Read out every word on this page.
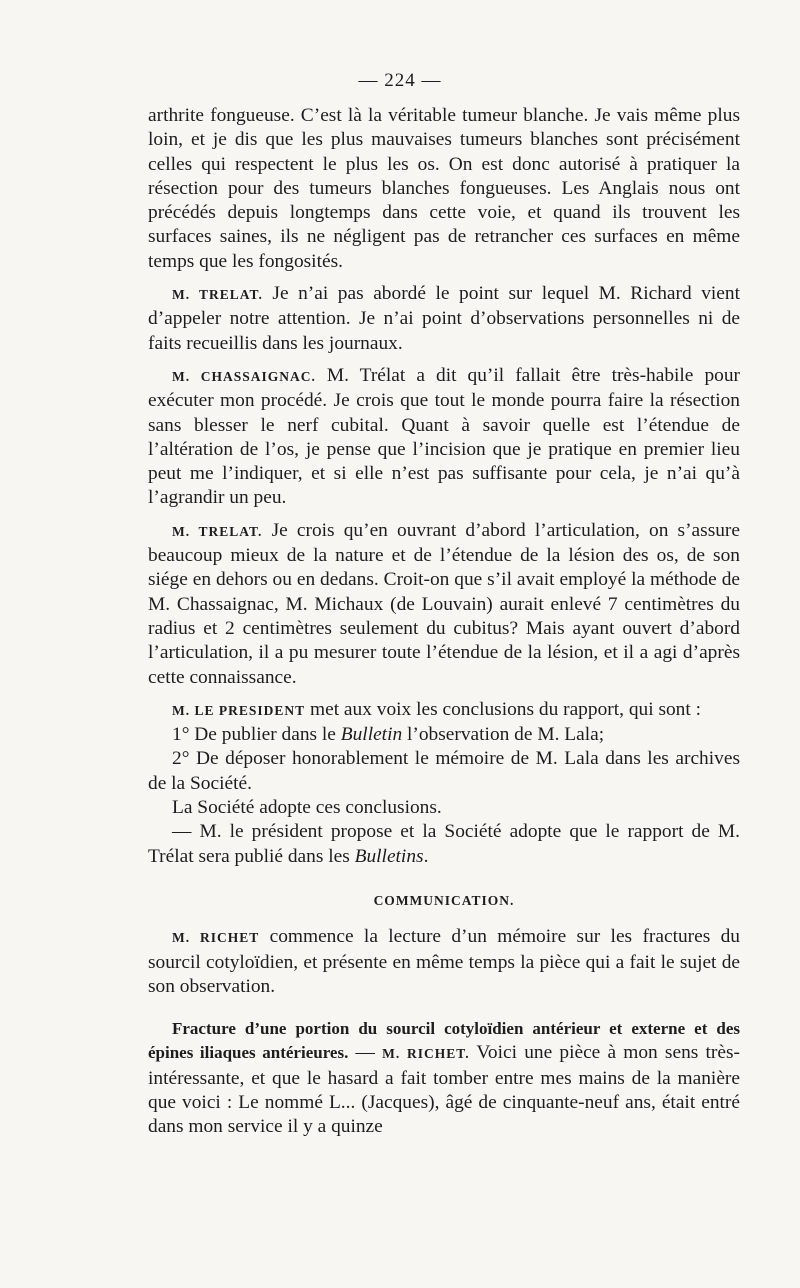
— 224 —

arthrite fongueuse. C’est là la véritable tumeur blanche. Je vais même plus loin, et je dis que les plus mauvaises tumeurs blanches sont précisément celles qui respectent le plus les os. On est donc autorisé à pratiquer la résection pour des tumeurs blanches fongueuses. Les Anglais nous ont précédés depuis longtemps dans cette voie, et quand ils trouvent les surfaces saines, ils ne négligent pas de retrancher ces surfaces en même temps que les fongosités.

M. TRELAT. Je n’ai pas abordé le point sur lequel M. Richard vient d’appeler notre attention. Je n’ai point d’observations personnelles ni de faits recueillis dans les journaux.

M. CHASSAIGNAC. M. Trélat a dit qu’il fallait être très-habile pour exécuter mon procédé. Je crois que tout le monde pourra faire la résection sans blesser le nerf cubital. Quant à savoir quelle est l’étendue de l’altération de l’os, je pense que l’incision que je pratique en premier lieu peut me l’indiquer, et si elle n’est pas suffisante pour cela, je n’ai qu’à l’agrandir un peu.

M. TRELAT. Je crois qu’en ouvrant d’abord l’articulation, on s’assure beaucoup mieux de la nature et de l’étendue de la lésion des os, de son siége en dehors ou en dedans. Croit-on que s’il avait employé la méthode de M. Chassaignac, M. Michaux (de Louvain) aurait enlevé 7 centimètres du radius et 2 centimètres seulement du cubitus? Mais ayant ouvert d’abord l’articulation, il a pu mesurer toute l’étendue de la lésion, et il a agi d’après cette connaissance.

M. LE PRESIDENT met aux voix les conclusions du rapport, qui sont :

1° De publier dans le Bulletin l’observation de M. Lala;

2° De déposer honorablement le mémoire de M. Lala dans les archives de la Société.

La Société adopte ces conclusions.

— M. le président propose et la Société adopte que le rapport de M. Trélat sera publié dans les Bulletins.

COMMUNICATION.

M. RICHET commence la lecture d’un mémoire sur les fractures du sourcil cotyloïdien, et présente en même temps la pièce qui a fait le sujet de son observation.

Fracture d’une portion du sourcil cotyloïdien antérieur et externe et des épines iliaques antérieures. — M. RICHET. Voici une pièce à mon sens très-intéressante, et que le hasard a fait tomber entre mes mains de la manière que voici : Le nommé L... (Jacques), âgé de cinquante-neuf ans, était entré dans mon service il y a quinze
